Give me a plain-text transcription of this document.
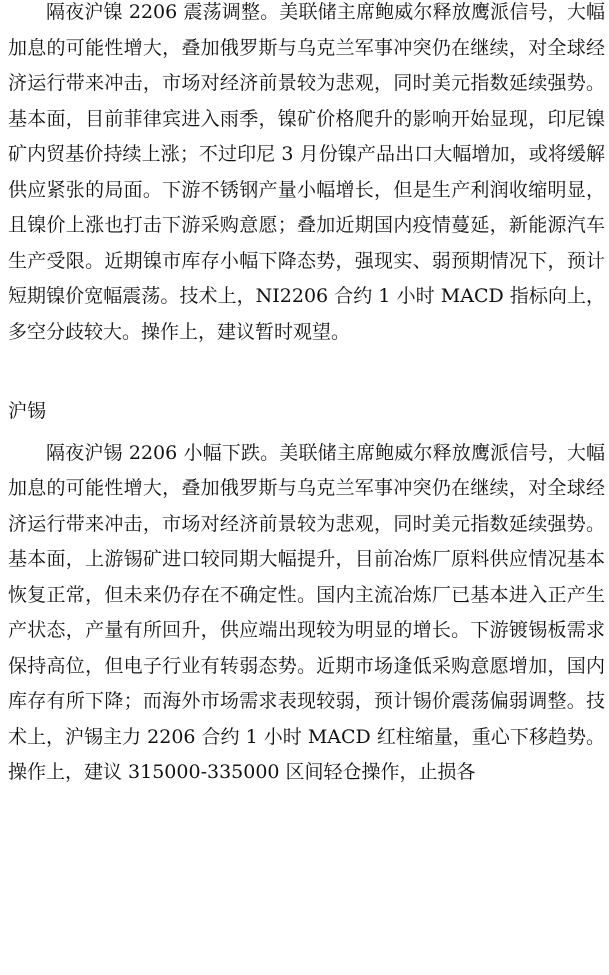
隔夜沪镍 2206 震荡调整。美联储主席鲍威尔释放鹰派信号，大幅加息的可能性增大，叠加俄罗斯与乌克兰军事冲突仍在继续，对全球经济运行带来冲击，市场对经济前景较为悲观，同时美元指数延续强势。基本面，目前菲律宾进入雨季，镍矿价格爬升的影响开始显现，印尼镍矿内贸基价持续上涨；不过印尼 3 月份镍产品出口大幅增加，或将缓解供应紧张的局面。下游不锈钢产量小幅增长，但是生产利润收缩明显，且镍价上涨也打击下游采购意愿；叠加近期国内疫情蔓延，新能源汽车生产受限。近期镍市库存小幅下降态势，强现实、弱预期情况下，预计短期镍价宽幅震荡。技术上，NI2206 合约 1 小时 MACD 指标向上，多空分歧较大。操作上，建议暂时观望。

沪锡

隔夜沪锡 2206 小幅下跌。美联储主席鲍威尔释放鹰派信号，大幅加息的可能性增大，叠加俄罗斯与乌克兰军事冲突仍在继续，对全球经济运行带来冲击，市场对经济前景较为悲观，同时美元指数延续强势。基本面，上游锡矿进口较同期大幅提升，目前冶炼厂原料供应情况基本恢复正常，但未来仍存在不确定性。国内主流冶炼厂已基本进入正产生产状态，产量有所回升，供应端出现较为明显的增长。下游镀锡板需求保持高位，但电子行业有转弱态势。近期市场逢低采购意愿增加，国内库存有所下降；而海外市场需求表现较弱，预计锡价震荡偏弱调整。技术上，沪锡主力 2206 合约 1 小时 MACD 红柱缩量，重心下移趋势。操作上，建议 315000-335000 区间轻仓操作，止损各
